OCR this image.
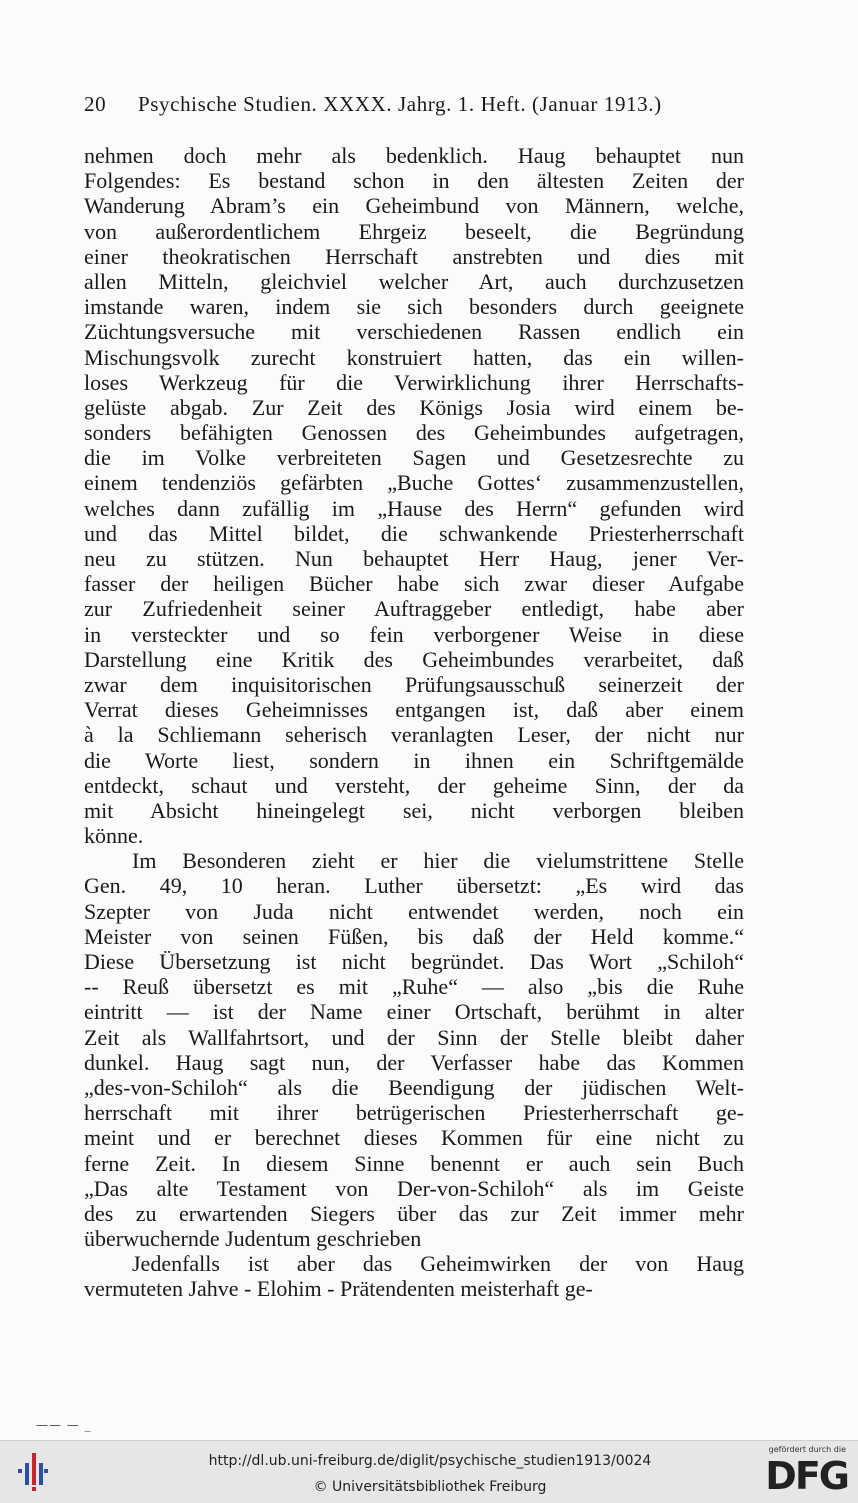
20 Psychische Studien. XXXX. Jahrg. 1. Heft. (Januar 1913.)
nehmen doch mehr als bedenklich. Haug behauptet nun
Folgendes: Es bestand schon in den ältesten Zeiten der
Wanderung Abram’s ein Geheimbund von Männern, welche,
von außerordentlichem Ehrgeiz beseelt, die Begründung
einer theokratischen Herrschaft anstrebten und dies mit
allen Mitteln, gleichviel welcher Art, auch durchzusetzen
imstande waren, indem sie sich besonders durch geeignete
Züchtungsversuche mit verschiedenen Rassen endlich ein
Mischungsvolk zurecht konstruiert hatten, das ein willen-
loses Werkzeug für die Verwirklichung ihrer Herrschafts-
gelüste abgab. Zur Zeit des Königs Josia wird einem be-
sonders befähigten Genossen des Geheimbundes aufgetragen,
die im Volke verbreiteten Sagen und Gesetzesrechte zu
einem tendenziös gefärbten „Buche Gottes‘ zusammenzustellen,
welches dann zufällig im „Hause des Herrn“ gefunden wird
und das Mittel bildet, die schwankende Priesterherrschaft
neu zu stützen. Nun behauptet Herr Haug, jener Ver-
fasser der heiligen Bücher habe sich zwar dieser Aufgabe
zur Zufriedenheit seiner Auftraggeber entledigt, habe aber
in versteckter und so fein verborgener Weise in diese
Darstellung eine Kritik des Geheimbundes verarbeitet, daß
zwar dem inquisitorischen Prüfungsausschuß seinerzeit der
Verrat dieses Geheimnisses entgangen ist, daß aber einem
à la Schliemann seherisch veranlagten Leser, der nicht nur
die Worte liest, sondern in ihnen ein Schriftgemälde
entdeckt, schaut und versteht, der geheime Sinn, der da
mit Absicht hineingelegt sei, nicht verborgen bleiben
könne.
Im Besonderen zieht er hier die vielumstrittene Stelle
Gen. 49, 10 heran. Luther übersetzt: „Es wird das
Szepter von Juda nicht entwendet werden, noch ein
Meister von seinen Füßen, bis daß der Held komme.“
Diese Übersetzung ist nicht begründet. Das Wort „Schiloh“
-- Reuß übersetzt es mit „Ruhe“ — also „bis die Ruhe
eintritt — ist der Name einer Ortschaft, berühmt in alter
Zeit als Wallfahrtsort, und der Sinn der Stelle bleibt daher
dunkel. Haug sagt nun, der Verfasser habe das Kommen
„des-von-Schiloh“ als die Beendigung der jüdischen Welt-
herrschaft mit ihrer betrügerischen Priesterherrschaft ge-
meint und er berechnet dieses Kommen für eine nicht zu
ferne Zeit. In diesem Sinne benennt er auch sein Buch
„Das alte Testament von Der-von-Schiloh“ als im Geiste
des zu erwartenden Siegers über das zur Zeit immer mehr
überwuchernde Judentum geschrieben
Jedenfalls ist aber das Geheimwirken der von Haug
vermuteten Jahve - Elohim - Prätendenten meisterhaft ge-
—— — _
http://dl.ub.uni-freiburg.de/diglit/psychische_studien1913/0024
© Universitätsbibliothek Freiburg
gefördert durch die
DFG
